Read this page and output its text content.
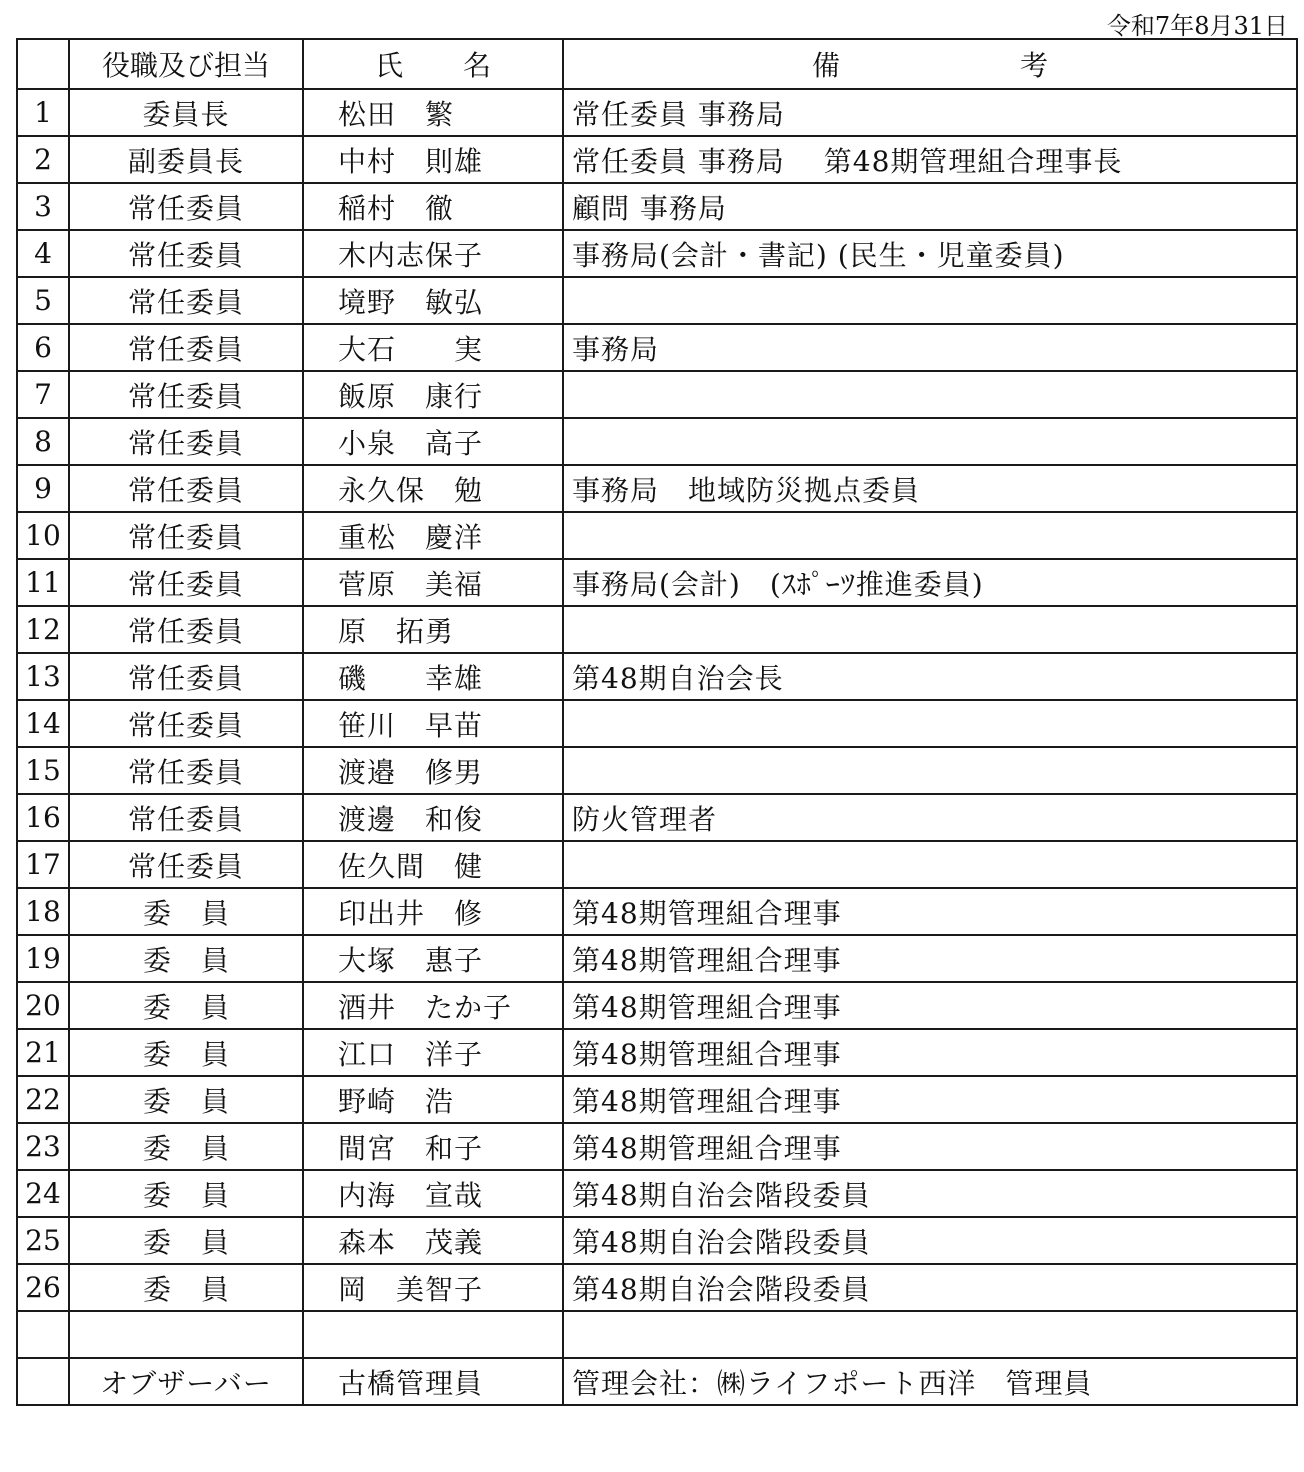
令和7年8月31日
	役職及び担当	氏名	備考
1	委員長	松田　繁	常任委員 事務局
2	副委員長	中村　則雄	常任委員 事務局　 第48期管理組合理事長
3	常任委員	稲村　徹	顧問 事務局
4	常任委員	木内志保子	事務局(会計・書記) (民生・児童委員)
5	常任委員	境野　敏弘	
6	常任委員	大石　　実	事務局
7	常任委員	飯原　康行	
8	常任委員	小泉　高子	
9	常任委員	永久保　勉	事務局　地域防災拠点委員
10	常任委員	重松　慶洋	
11	常任委員	菅原　美福	事務局(会計)　(ｽﾎﾟｰﾂ推進委員)
12	常任委員	原　拓勇	
13	常任委員	磯　　幸雄	第48期自治会長
14	常任委員	笹川　早苗	
15	常任委員	渡邉　修男	
16	常任委員	渡邊　和俊	防火管理者
17	常任委員	佐久間　健	
18	委員	印出井　修	第48期管理組合理事
19	委員	大塚　惠子	第48期管理組合理事
20	委員	酒井　たか子	第48期管理組合理事
21	委員	江口　洋子	第48期管理組合理事
22	委員	野崎　浩	第48期管理組合理事
23	委員	間宮　和子	第48期管理組合理事
24	委員	内海　宣哉	第48期自治会階段委員
25	委員	森本　茂義	第48期自治会階段委員
26	委員	岡　美智子	第48期自治会階段委員

	オブザーバー	古橋管理員	管理会社：㈱ライフポート西洋　管理員
